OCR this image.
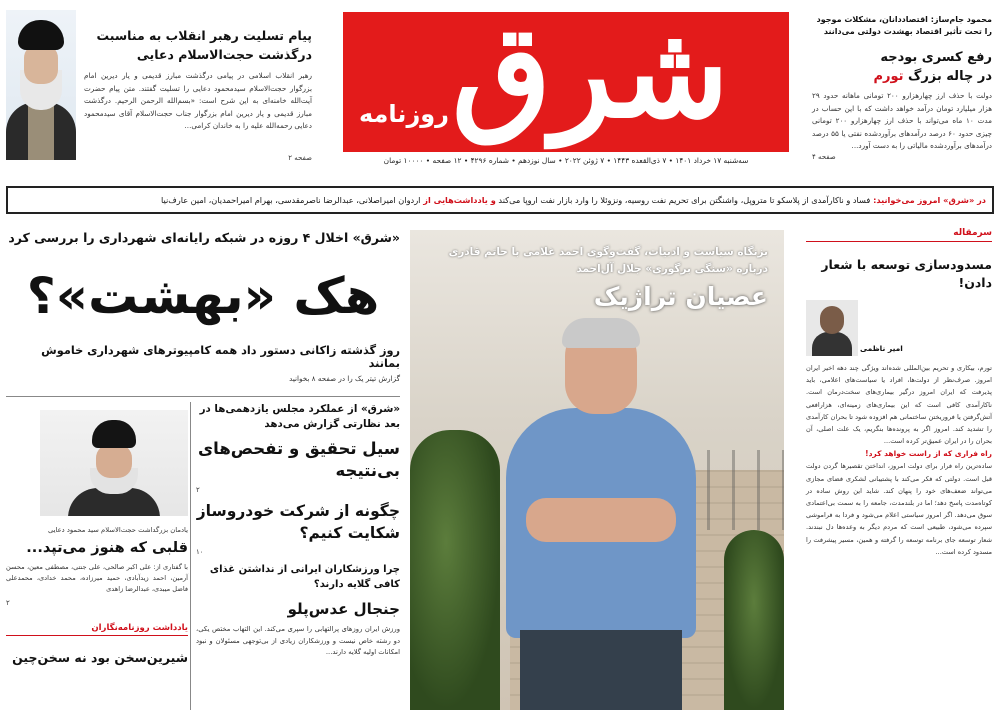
پیام تسلیت رهبر انقلاب به مناسبت درگذشت حجت‌الاسلام دعایی
رهبر انقلاب اسلامی در پیامی درگذشت مبارز قدیمی و یار دیرین امام بزرگوار حجت‌الاسلام سیدمحمود دعایی را تسلیت گفتند. متن پیام حضرت آیت‌الله خامنه‌ای به این شرح است: «بسم‌الله الرحمن الرحیم. درگذشت مبارز قدیمی و یار دیرین امام بزرگوار جناب حجت‌الاسلام آقای سیدمحمود دعایی رحمه‌الله علیه را به خاندان کرامی...
صفحه ۲
شرق
روزنامه
سه‌شنبه ۱۷ خرداد ۱۴۰۱ • ۷ ذی‌القعده ۱۴۴۳ • ۷ ژوئن ۲۰۲۲ • سال نوزدهم • شماره ۴۲۹۶ • ۱۲ صفحه • ۱۰۰۰۰ تومان
محمود جام‌ساز: اقتصاددانان، مشکلات موجود را تحت تأثیر اقتصاد بهشدت دولتی می‌دانند
رفع کسری بودجه
در چاله بزرگ تورم
دولت با حذف ارز چهارهزارو ۲۰۰ تومانی ماهانه حدود ۲۹ هزار میلیارد تومان درآمد خواهد داشت که با این حساب در مدت ۱۰ ماه می‌تواند با حذف ارز چهارهزارو ۲۰۰ تومانی چیزی حدود ۶۰ درصد درآمدهای برآوردشده نفتی یا ۵۵ درصد درآمدهای برآوردشده مالیاتی را به دست آورد...
صفحه ۴
در «شرق» امروز می‌خوانید: فساد و ناکارآمدی از پلاسکو تا متروپل، واشنگتن برای تحریم نفت روسیه، ونزوئلا را وارد بازار نفت اروپا می‌کند و یادداشت‌هایی از اردوان امیراصلانی، عبدالرضا ناصرمقدسی، بهرام امیراحمدیان، امین عارف‌نیا
سرمقاله
مسدودسازی توسعه با شعار دادن!
امیر ناظمی
تورم، بیکاری و تحریم بین‌المللی شده‌اند ویژگی چند دهه اخیر ایران امروز. صرف‌نظر از دولت‌ها، افراد یا سیاست‌های اعلامی، باید پذیرفت که ایران امروز درگیر بیماری‌های سخت‌درمان است. ناکارآمدی کافی است که این بیماری‌های زمینه‌ای، هزارافعی آتش‌گرفتن یا فروریختن ساختمانی هم افزوده شود تا بحران کارآمدی را تشدید کند. امروز اگر به پرونده‌ها بنگریم، یک علت اصلی، آن بحران را در ایران عمیق‌تر کرده است...
راه فراری که از راست خواهد کرد!
ساده‌ترین راه فرار برای دولت امروز، انداختن تقصیرها گردن دولت قبل است. دولتی که فکر می‌کند با پشتیبانی لشکری فضای مجازی می‌تواند ضعف‌های خود را پنهان کند. شاید این روش ساده در کوتاه‌مدت پاسخ دهد؛ اما در بلندمدت، جامعه را به سمت بی‌اعتمادی سوق می‌دهد. اگر امروز سیاستی اعلام می‌شود و فردا به فراموشی سپرده می‌شود، طبیعی است که مردم دیگر به وعده‌ها دل نبندند. شعار توسعه جای برنامه توسعه را گرفته و همین، مسیر پیشرفت را مسدود کرده است...
بزنگاه سیاست و ادبیات، گفت‌وگوی احمد غلامی با حاتم قادری درباره «سنگی برگوری» جلال آل‌احمد
عصیان تراژیک
«شرق» اخلال ۴ روزه در شبکه رایانه‌ای شهرداری را بررسی کرد
هک «بهشت»؟
روز گذشته زاکانی دستور داد همه کامپیوترهای شهرداری خاموش بمانند
گزارش تیتر یک را در صفحه ۸ بخوانید
«شرق» از عملکرد مجلس یازدهمی‌ها در بعد نظارتی گزارش می‌دهد
سیل تحقیق و تفحص‌های بی‌نتیجه
۲
چگونه از شرکت خودروساز شکایت کنیم؟
۱۰
چرا ورزشکاران ایرانی از نداشتن غذای کافی گلایه دارند؟
جنجال عدس‌پلو
ورزش ایران روزهای پرالتهابی را سپری می‌کند. این التهاب مختص یکی، دو رشته خاص نیست و ورزشکاران زیادی از بی‌توجهی مسئولان و نبود امکانات اولیه گلایه دارند...
یادمان بزرگداشت حجت‌الاسلام سید محمود دعایی
قلبی که هنوز می‌تپد...
با گفتاری از: علی اکبر صالحی، علی جنتی، مصطفی معین، محسن آرمین، احمد زیدآبادی، حمید میرزاده، محمد خدادی، محمدعلی فاضل میبدی، عبدالرضا زاهدی
۲
یادداشت روزنامه‌نگاران
شیرین‌سخن بود نه سخن‌چین
